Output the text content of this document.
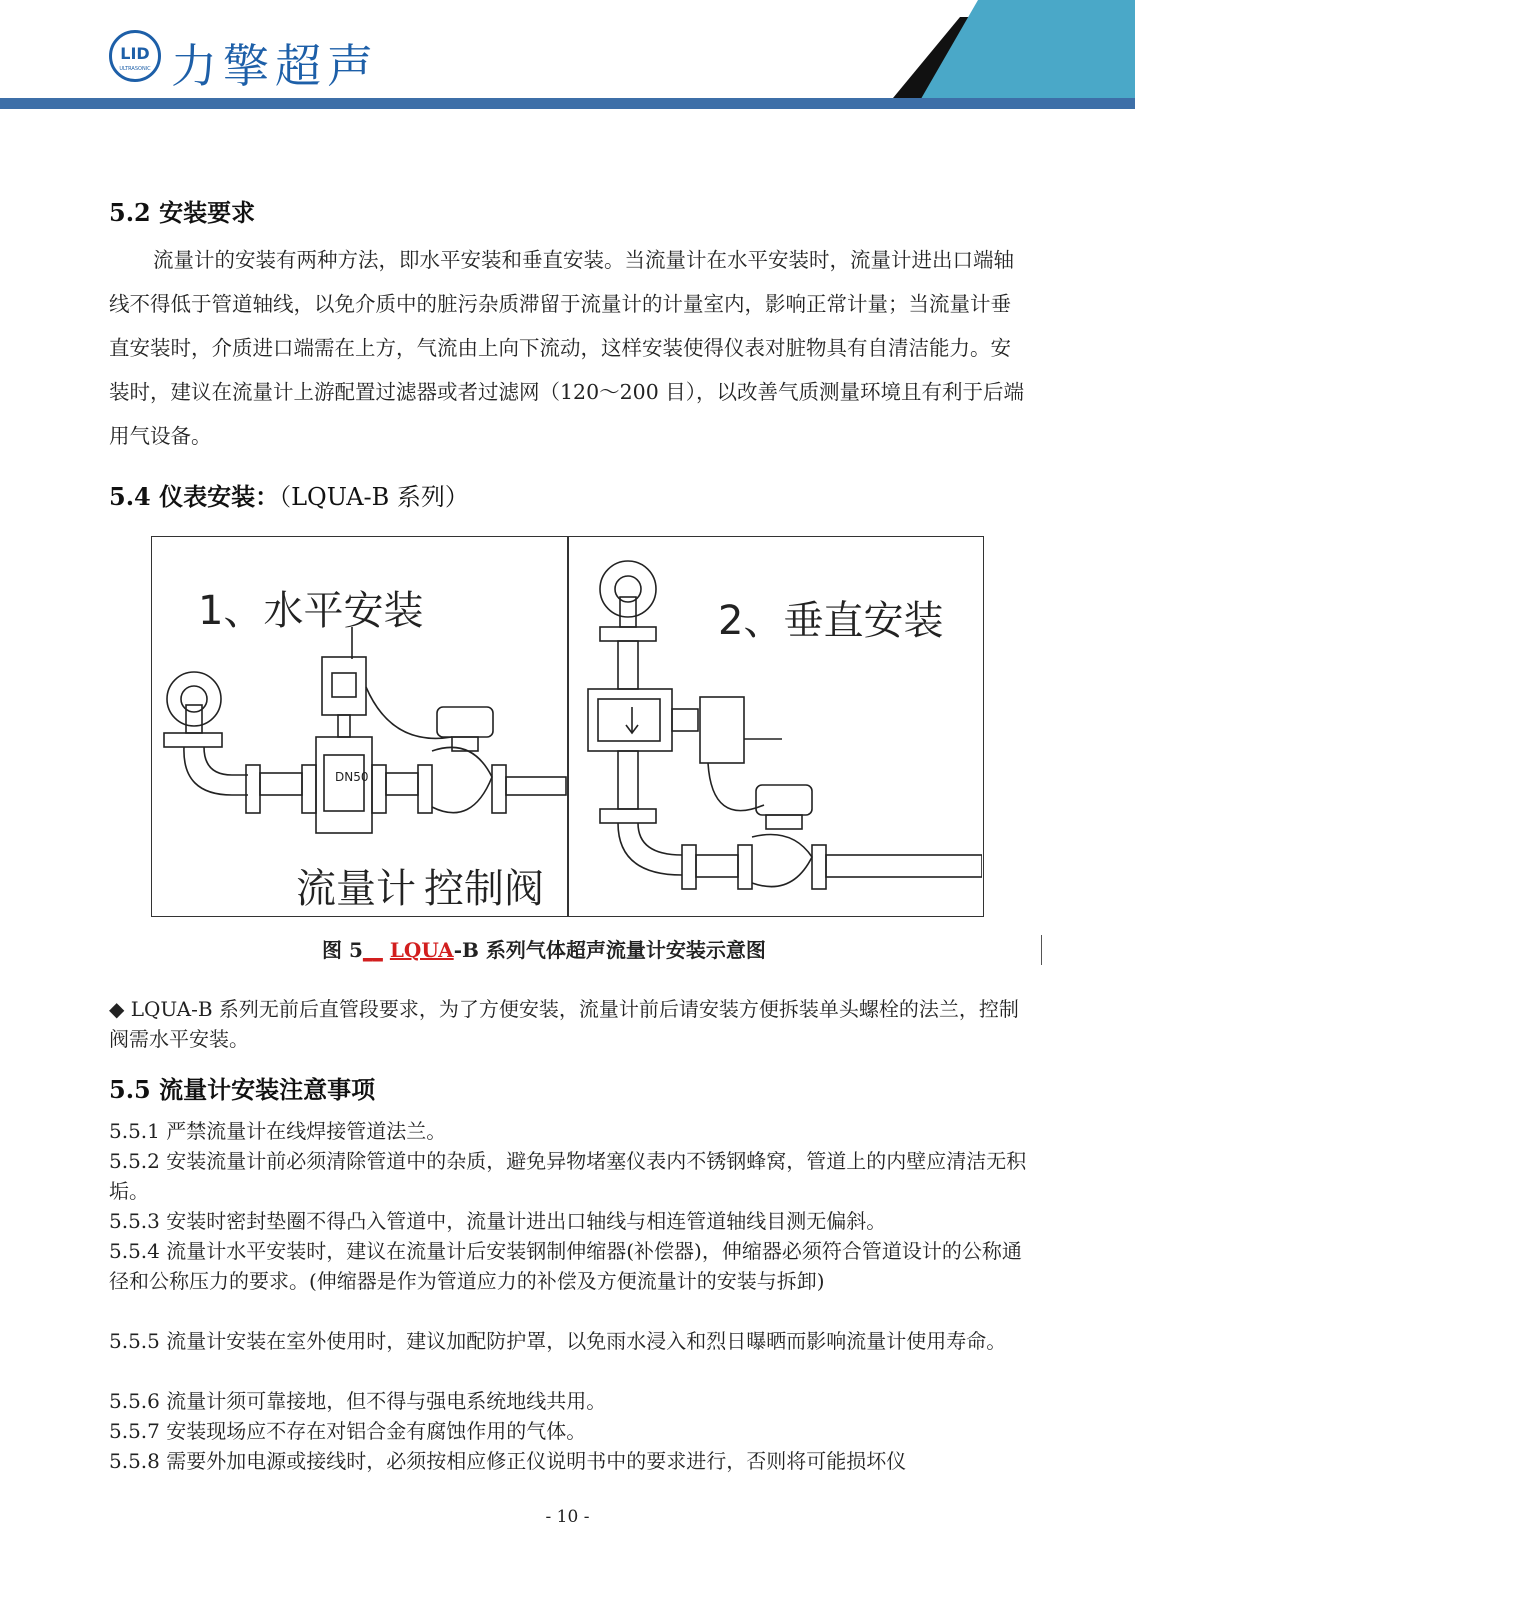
LID
ULTRASONIC 力擎超声
5.2 安装要求
流量计的安装有两种方法，即水平安装和垂直安装。当流量计在水平安装时，流量计进出口端轴线不得低于管道轴线，以免介质中的脏污杂质滞留于流量计的计量室内，影响正常计量；当流量计垂直安装时，介质进口端需在上方，气流由上向下流动，这样安装使得仪表对脏物具有自清洁能力。安装时，建议在流量计上游配置过滤器或者过滤网（120～200 目），以改善气质测量环境且有利于后端用气设备。
5.4 仪表安装：（LQUA-B 系列）
1、水平安装	2、垂直安装
流量计 控制阀
DN50
图 5__ LQUA-B 系列气体超声流量计安装示意图
◆ LQUA-B 系列无前后直管段要求，为了方便安装，流量计前后请安装方便拆装单头螺栓的法兰，控制阀需水平安装。
5.5 流量计安装注意事项
5.5.1 严禁流量计在线焊接管道法兰。
5.5.2 安装流量计前必须清除管道中的杂质，避免异物堵塞仪表内不锈钢蜂窝，管道上的内壁应清洁无积垢。
5.5.3 安装时密封垫圈不得凸入管道中，流量计进出口轴线与相连管道轴线目测无偏斜。
5.5.4 流量计水平安装时，建议在流量计后安装钢制伸缩器(补偿器)，伸缩器必须符合管道设计的公称通径和公称压力的要求。(伸缩器是作为管道应力的补偿及方便流量计的安装与拆卸)
5.5.5 流量计安装在室外使用时，建议加配防护罩，以免雨水浸入和烈日曝晒而影响流量计使用寿命。
5.5.6 流量计须可靠接地，但不得与强电系统地线共用。
5.5.7 安装现场应不存在对铝合金有腐蚀作用的气体。
5.5.8 需要外加电源或接线时，必须按相应修正仪说明书中的要求进行，否则将可能损坏仪
- 10 -
